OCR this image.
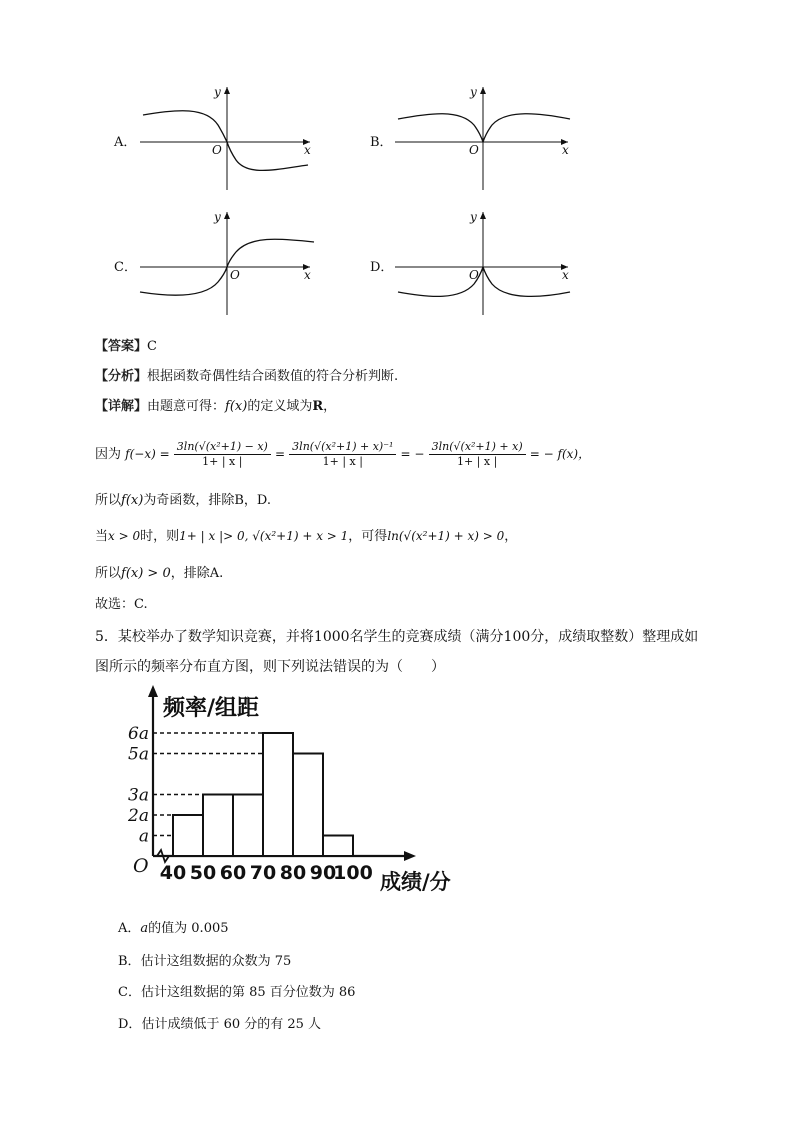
A．
y
x
O	B．
y
x
O
C．
y
x
O	D．
y
x
O
【答案】C
【分析】根据函数奇偶性结合函数值的符合分析判断.
【详解】由题意可得：f(x)的定义域为R，
因为 $f(-x) = \frac{\text{3ln(√(x²+1) − x)}}{1+ | x |} = \frac{\text{3ln(√(x²+1) + x)⁻¹}}{1+ | x |}$ = − $\frac{\text{3ln(√(x²+1) + x)}}{1+ | x |}$ = − f(x)，
所以f(x)为奇函数，排除B，D.
当x > 0时，则1+ | x |> 0, √(x²+1) + x > 1，可得ln(√(x²+1) + x) > 0，
所以f(x) > 0，排除A.
故选：C.
5．某校举办了数学知识竞赛，并将1000名学生的竞赛成绩（满分100分，成绩取整数）整理成如
图所示的频率分布直方图，则下列说法错误的为（　　）
6a
5a
3a
2a
a
40 50 60 70 80 90
100
O
频率/组距
成绩/分
A．a的值为 0.005
B．估计这组数据的众数为 75
C．估计这组数据的第 85 百分位数为 86
D．估计成绩低于 60 分的有 25 人
